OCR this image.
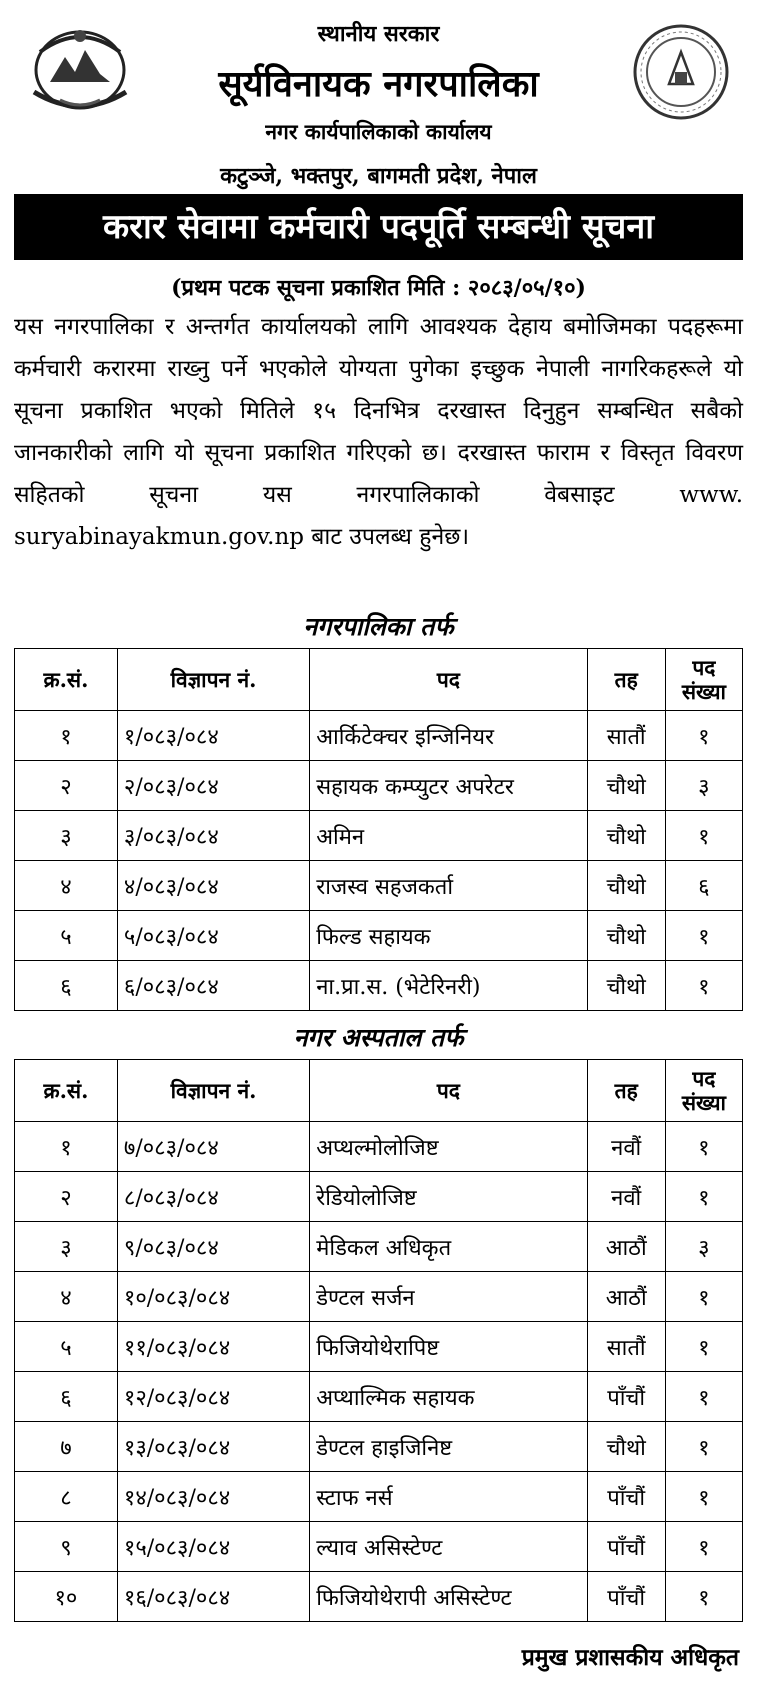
स्थानीय सरकार
सूर्यविनायक नगरपालिका
नगर कार्यपालिकाको कार्यालय
कटुञ्जे, भक्तपुर, बागमती प्रदेश, नेपाल
करार सेवामा कर्मचारी पदपूर्ति सम्बन्धी सूचना
(प्रथम पटक सूचना प्रकाशित मिति : २०८३/०५/१०)
यस नगरपालिका र अन्तर्गत कार्यालयको लागि आवश्यक देहाय बमोजिमका पदहरूमा कर्मचारी करारमा राख्नु पर्ने भएकोले योग्यता पुगेका इच्छुक नेपाली नागरिकहरूले यो सूचना प्रकाशित भएको मितिले १५ दिनभित्र दरखास्त दिनुहुन सम्बन्धित सबैको जानकारीको लागि यो सूचना प्रकाशित गरिएको छ। दरखास्त फाराम र विस्तृत विवरण सहितको सूचना यस नगरपालिकाको वेबसाइट www. suryabinayakmun.gov.np बाट उपलब्ध हुनेछ।
नगरपालिका तर्फ
क्र.सं.	विज्ञापन नं.	पद	तह	पद संख्या
१	१/०८३/०८४	आर्किटेक्चर इन्जिनियर	सातौं	१
२	२/०८३/०८४	सहायक कम्प्युटर अपरेटर	चौथो	३
३	३/०८३/०८४	अमिन	चौथो	१
४	४/०८३/०८४	राजस्व सहजकर्ता	चौथो	६
५	५/०८३/०८४	फिल्ड सहायक	चौथो	१
६	६/०८३/०८४	ना.प्रा.स. (भेटेरिनरी)	चौथो	१
नगर अस्पताल तर्फ
क्र.सं.	विज्ञापन नं.	पद	तह	पद संख्या
१	७/०८३/०८४	अप्थल्मोलोजिष्ट	नवौं	१
२	८/०८३/०८४	रेडियोलोजिष्ट	नवौं	१
३	९/०८३/०८४	मेडिकल अधिकृत	आठौं	३
४	१०/०८३/०८४	डेण्टल सर्जन	आठौं	१
५	११/०८३/०८४	फिजियोथेरापिष्ट	सातौं	१
६	१२/०८३/०८४	अप्थाल्मिक सहायक	पाँचौं	१
७	१३/०८३/०८४	डेण्टल हाइजिनिष्ट	चौथो	१
८	१४/०८३/०८४	स्टाफ नर्स	पाँचौं	१
९	१५/०८३/०८४	ल्याव असिस्टेण्ट	पाँचौं	१
१०	१६/०८३/०८४	फिजियोथेरापी असिस्टेण्ट	पाँचौं	१
प्रमुख प्रशासकीय अधिकृत
